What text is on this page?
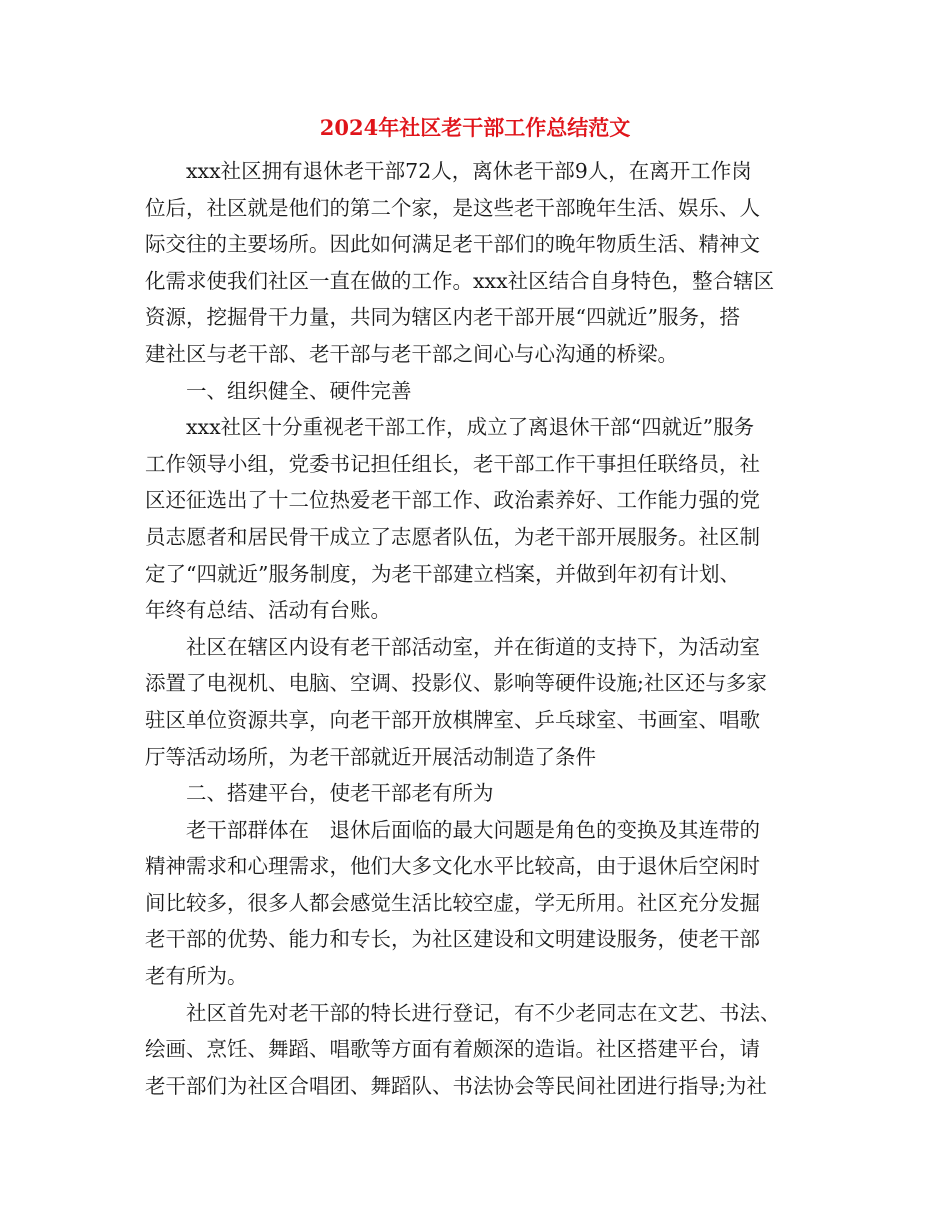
2024年社区老干部工作总结范文
xxx社区拥有退休老干部72人，离休老干部9人，在离开工作岗
位后，社区就是他们的第二个家，是这些老干部晚年生活、娱乐、人
际交往的主要场所。因此如何满足老干部们的晚年物质生活、精神文
化需求使我们社区一直在做的工作。xxx社区结合自身特色，整合辖区
资源，挖掘骨干力量，共同为辖区内老干部开展“四就近”服务，搭
建社区与老干部、老干部与老干部之间心与心沟通的桥梁。
一、组织健全、硬件完善
xxx社区十分重视老干部工作，成立了离退休干部“四就近”服务
工作领导小组，党委书记担任组长，老干部工作干事担任联络员，社
区还征选出了十二位热爱老干部工作、政治素养好、工作能力强的党
员志愿者和居民骨干成立了志愿者队伍，为老干部开展服务。社区制
定了“四就近”服务制度，为老干部建立档案，并做到年初有计划、
年终有总结、活动有台账。
社区在辖区内设有老干部活动室，并在街道的支持下，为活动室
添置了电视机、电脑、空调、投影仪、影响等硬件设施;社区还与多家
驻区单位资源共享，向老干部开放棋牌室、乒乓球室、书画室、唱歌
厅等活动场所，为老干部就近开展活动制造了条件
二、搭建平台，使老干部老有所为
老干部群体在　退休后面临的最大问题是角色的变换及其连带的
精神需求和心理需求，他们大多文化水平比较高，由于退休后空闲时
间比较多，很多人都会感觉生活比较空虚，学无所用。社区充分发掘
老干部的优势、能力和专长，为社区建设和文明建设服务，使老干部
老有所为。
社区首先对老干部的特长进行登记，有不少老同志在文艺、书法、
绘画、烹饪、舞蹈、唱歌等方面有着颇深的造诣。社区搭建平台，请
老干部们为社区合唱团、舞蹈队、书法协会等民间社团进行指导;为社
